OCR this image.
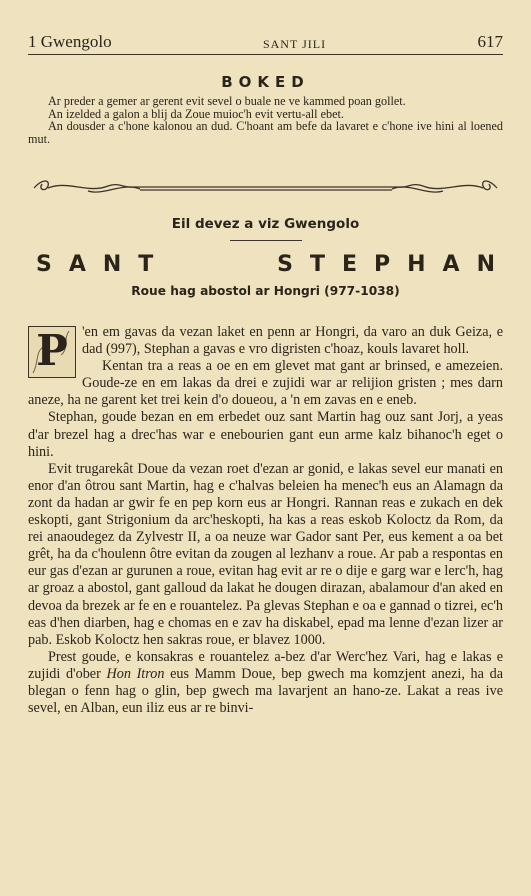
1 Gwengolo	SANT JILI	617
BOKED

Ar preder a gemer ar gerent evit sevel o buale ne ve kammed poan gollet.

An izelded a galon a blij da Zoue muioc'h evit vertu-all ebet.

An dousder a c'hone kalonou an dud. C'hoant am befe da lavaret e c'hone ive hini al loened mut.

Eil devez a viz Gwengolo
SANT	STEPHAN
Roue hag abostol ar Hongri (977-1038)

P	'en em gavas da vezan laket en penn ar Hongri, da varo an duk Geiza, e dad (997), Stephan a gavas e vro digristen c'hoaz, kouls lavaret holl.

Kentan tra a reas a oe en em glevet mat gant ar brinsed, e amezeien. Goude-ze en em lakas da drei e zujidi war ar relijion gristen ; mes darn aneze, ha ne garent ket trei kein d'o doueou, a 'n em zavas en e eneb.

Stephan, goude bezan en em erbedet ouz sant Martin hag ouz sant Jorj, a yeas d'ar brezel hag a drec'has war e enebourien gant eun arme kalz bihanoc'h eget o hini.

Evit trugarekât Doue da vezan roet d'ezan ar gonid, e lakas sevel eur manati en enor d'an ôtrou sant Martin, hag e c'halvas beleien ha menec'h eus an Alamagn da zont da hadan ar gwir fe en pep korn eus ar Hongri. Rannan reas e zukach en dek eskopti, gant Strigonium da arc'heskopti, ha kas a reas eskob Koloctz da Rom, da rei anaoudegez da Zylvestr II, a oa neuze war Gador sant Per, eus kement a oa bet grêt, ha da c'houlenn ôtre evitan da zougen al lezhanv a roue. Ar pab a respontas en eur gas d'ezan ar gurunen a roue, evitan hag evit ar re o dije e garg war e lerc'h, hag ar groaz a abostol, gant galloud da lakat he dougen dirazan, abalamour d'an aked en devoa da brezek ar fe en e rouantelez. Pa glevas Stephan e oa e gannad o tizrei, ec'h eas d'hen diarben, hag e chomas en e zav ha diskabel, epad ma lenne d'ezan lizer ar pab. Eskob Koloctz hen sakras roue, er blavez 1000.

Prest goude, e konsakras e rouantelez a-bez d'ar Werc'hez Vari, hag e lakas e zujidi d'ober Hon Itron eus Mamm Doue, bep gwech ma komzjent anezi, ha da blegan o fenn hag o glin, bep gwech ma lavarjent an hano-ze. Lakat a reas ive sevel, en Alban, eun iliz eus ar re binvi-
